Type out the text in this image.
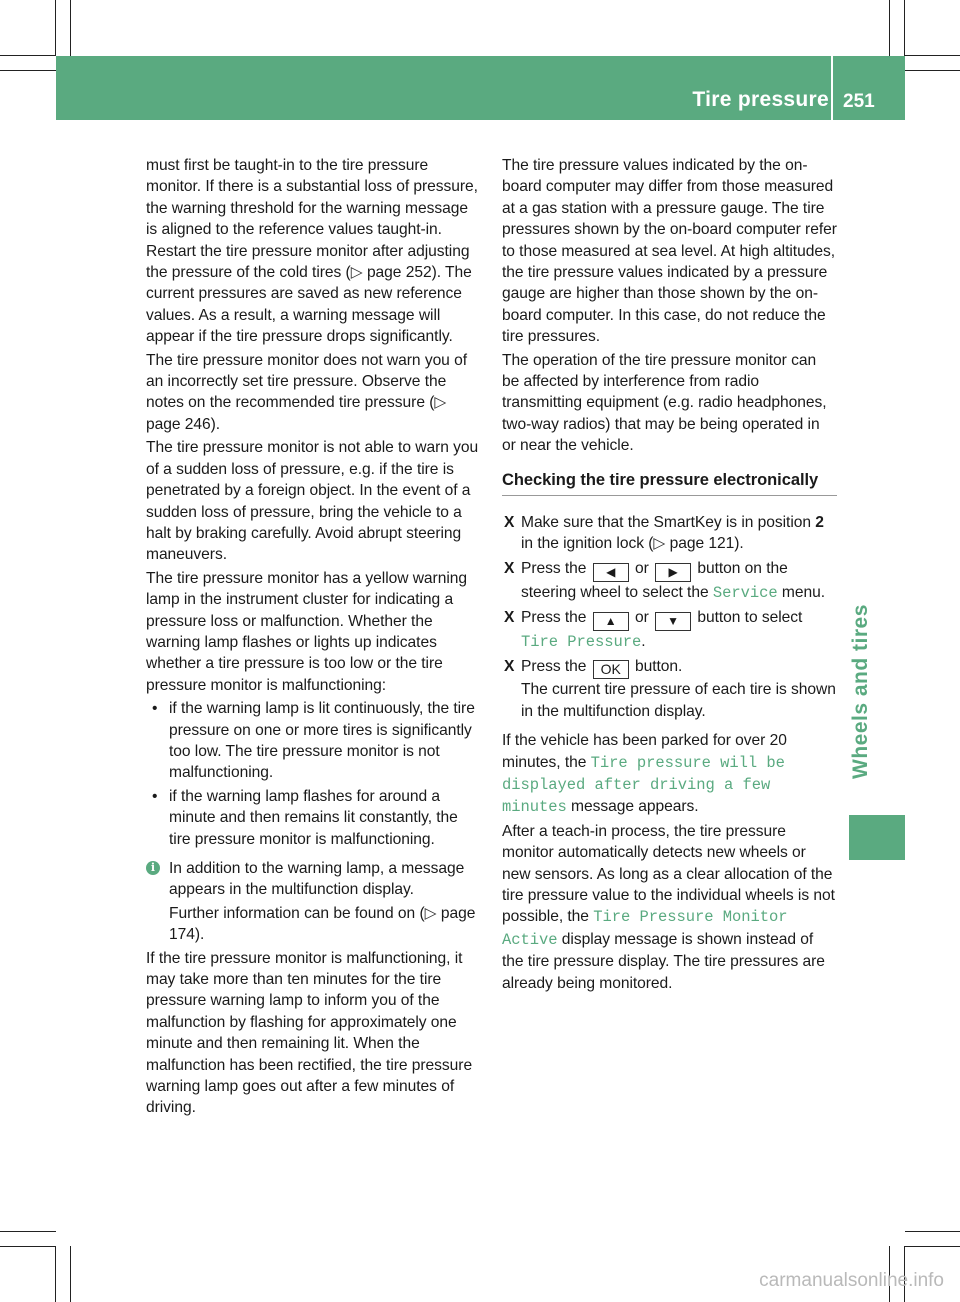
Tire pressure 251
Wheels and tires

must first be taught-in to the tire pressure monitor. If there is a substantial loss of pressure, the warning threshold for the warning message is aligned to the reference values taught-in. Restart the tire pressure monitor after adjusting the pressure of the cold tires (▷ page 252). The current pressures are saved as new reference values. As a result, a warning message will appear if the tire pressure drops significantly.

The tire pressure monitor does not warn you of an incorrectly set tire pressure. Observe the notes on the recommended tire pressure (▷ page 246).

The tire pressure monitor is not able to warn you of a sudden loss of pressure, e.g. if the tire is penetrated by a foreign object. In the event of a sudden loss of pressure, bring the vehicle to a halt by braking carefully. Avoid abrupt steering maneuvers.

The tire pressure monitor has a yellow warning lamp in the instrument cluster for indicating a pressure loss or malfunction. Whether the warning lamp flashes or lights up indicates whether a tire pressure is too low or the tire pressure monitor is malfunctioning:

• if the warning lamp is lit continuously, the tire pressure on one or more tires is significantly too low. The tire pressure monitor is not malfunctioning.
• if the warning lamp flashes for around a minute and then remains lit constantly, the tire pressure monitor is malfunctioning.
i In addition to the warning lamp, a message appears in the multifunction display.

Further information can be found on (▷ page 174).

If the tire pressure monitor is malfunctioning, it may take more than ten minutes for the tire pressure warning lamp to inform you of the malfunction by flashing for approximately one minute and then remaining lit. When the malfunction has been rectified, the tire pressure warning lamp goes out after a few minutes of driving.

The tire pressure values indicated by the on-board computer may differ from those measured at a gas station with a pressure gauge. The tire pressures shown by the on-board computer refer to those measured at sea level. At high altitudes, the tire pressure values indicated by a pressure gauge are higher than those shown by the on-board computer. In this case, do not reduce the tire pressures.

The operation of the tire pressure monitor can be affected by interference from radio transmitting equipment (e.g. radio headphones, two-way radios) that may be being operated in or near the vehicle.

Checking the tire pressure electronically
X Make sure that the SmartKey is in position 2 in the ignition lock (▷ page 121).
X Press the ◀ or ▶ button on the steering wheel to select the Service menu.
X Press the ▲ or ▼ button to select Tire Pressure.
X Press the OK button.
The current tire pressure of each tire is shown in the multifunction display.

If the vehicle has been parked for over 20 minutes, the Tire pressure will be displayed after driving a few minutes message appears.

After a teach-in process, the tire pressure monitor automatically detects new wheels or new sensors. As long as a clear allocation of the tire pressure value to the individual wheels is not possible, the Tire Pressure Monitor Active display message is shown instead of the tire pressure display. The tire pressures are already being monitored.

carmanualsonline.info
